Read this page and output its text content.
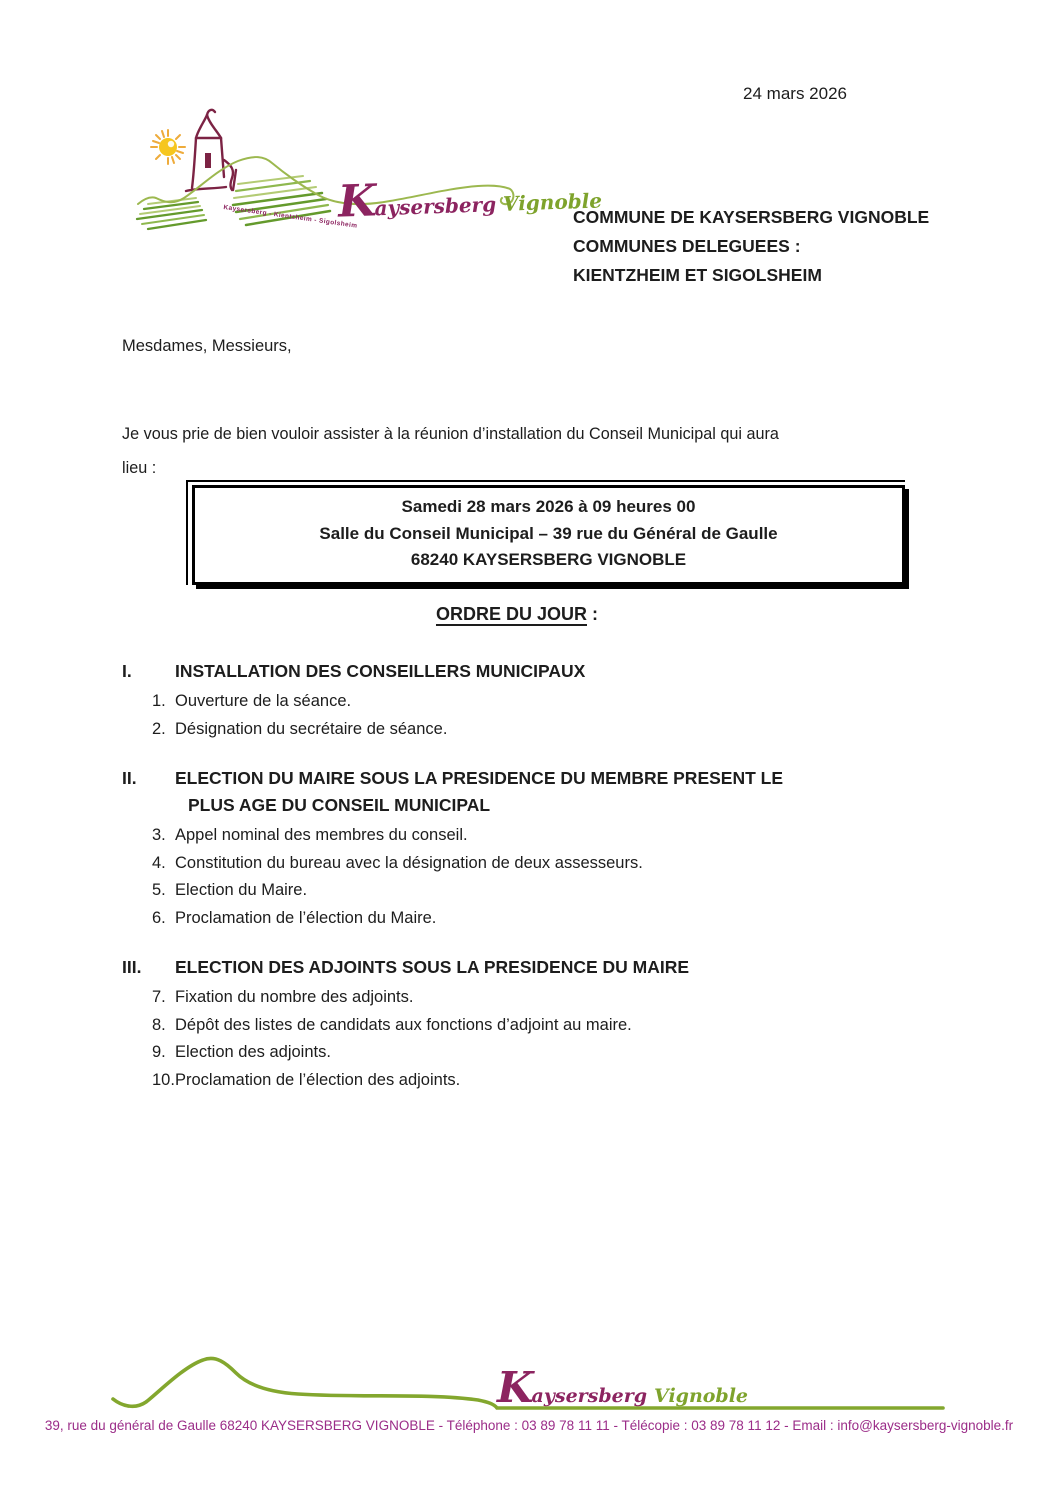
24 mars 2026
Kaysersberg - Kientzheim - Sigolsheim
K
aysersberg Vignoble
COMMUNE DE KAYSERSBERG VIGNOBLE
COMMUNES DELEGUEES :
KIENTZHEIM ET SIGOLSHEIM
Mesdames, Messieurs,
Je vous prie de bien vouloir assister à la réunion d’installation du Conseil Municipal qui aura
lieu :
Samedi 28 mars 2026 à 09 heures 00
Salle du Conseil Municipal – 39 rue du Général de Gaulle
68240 KAYSERSBERG VIGNOBLE
ORDRE DU JOUR :
I.	INSTALLATION DES CONSEILLERS MUNICIPAUX
1. Ouverture de la séance.
2. Désignation du secrétaire de séance.
II.	ELECTION DU MAIRE SOUS LA PRESIDENCE DU MEMBRE PRESENT LE
PLUS AGE DU CONSEIL MUNICIPAL
3. Appel nominal des membres du conseil.
4. Constitution du bureau avec la désignation de deux assesseurs.
5. Election du Maire.
6. Proclamation de l’élection du Maire.
III.	ELECTION DES ADJOINTS SOUS LA PRESIDENCE DU MAIRE
7. Fixation du nombre des adjoints.
8. Dépôt des listes de candidats aux fonctions d’adjoint au maire.
9. Election des adjoints.
10. Proclamation de l’élection des adjoints.
K
aysersberg Vignoble
39, rue du général de Gaulle 68240 KAYSERSBERG VIGNOBLE - Téléphone : 03 89 78 11 11 - Télécopie : 03 89 78 11 12 - Email : info@kaysersberg-vignoble.fr
